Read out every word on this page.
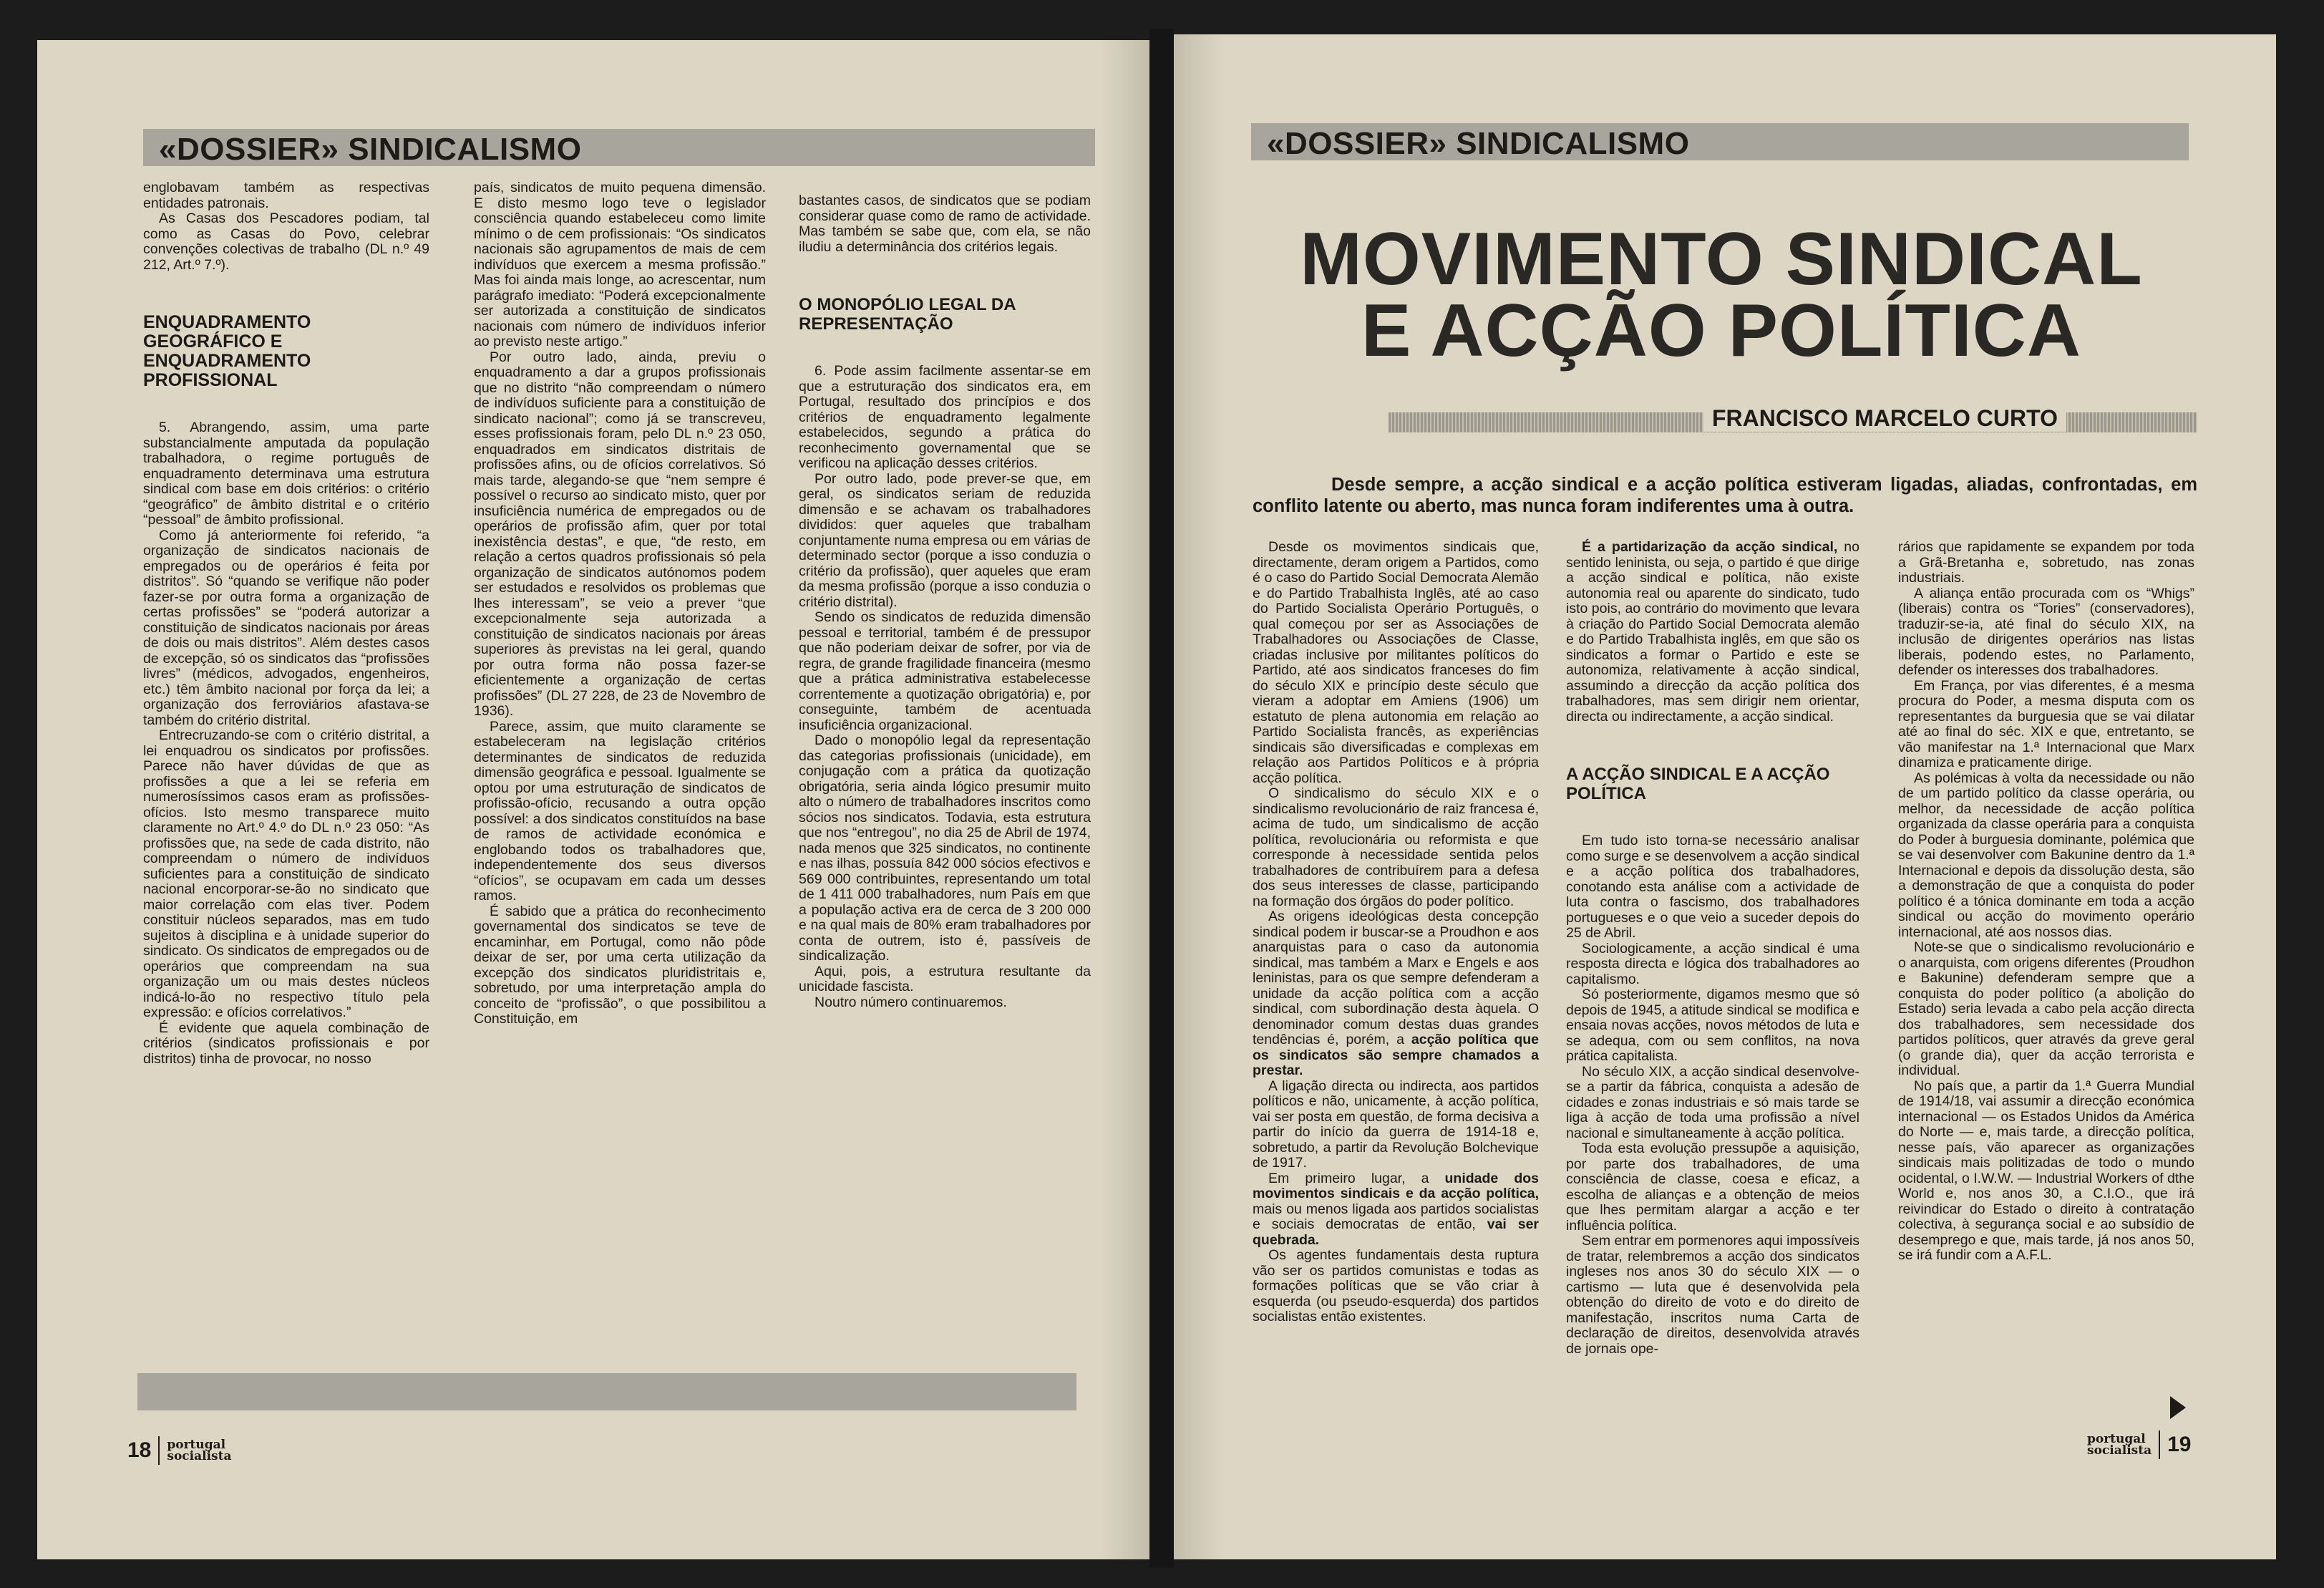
«DOSSIER» SINDICALISMO

englobavam também as respectivas entidades patronais.

As Casas dos Pescadores podiam, tal como as Casas do Povo, celebrar convenções colectivas de trabalho (DL n.º 49 212, Art.º 7.º).

ENQUADRAMENTO GEOGRÁFICO E ENQUADRAMENTO PROFISSIONAL

5. Abrangendo, assim, uma parte substancialmente amputada da população trabalhadora, o regime português de enquadramento determinava uma estrutura sindical com base em dois critérios: o critério “geográfico” de âmbito distrital e o critério “pessoal” de âmbito profissional.

Como já anteriormente foi referido, “a organização de sindicatos nacionais de empregados ou de operários é feita por distritos”. Só “quando se verifique não poder fazer-se por outra forma a organização de certas profissões” se “poderá autorizar a constituição de sindicatos nacionais por áreas de dois ou mais distritos”. Além destes casos de excepção, só os sindicatos das “profissões livres” (médicos, advogados, engenheiros, etc.) têm âmbito nacional por força da lei; a organização dos ferroviários afastava-se também do critério distrital.

Entrecruzando-se com o critério distrital, a lei enquadrou os sindicatos por profissões. Parece não haver dúvidas de que as profissões a que a lei se referia em numerosíssimos casos eram as profissões-ofícios. Isto mesmo transparece muito claramente no Art.º 4.º do DL n.º 23 050: “As profissões que, na sede de cada distrito, não compreendam o número de indivíduos suficientes para a constituição de sindicato nacional encorporar-se-ão no sindicato que maior correlação com elas tiver. Podem constituir núcleos separados, mas em tudo sujeitos à disciplina e à unidade superior do sindicato. Os sindicatos de empregados ou de operários que compreendam na sua organização um ou mais destes núcleos indicá-lo-ão no respectivo título pela expressão: e ofícios correlativos.”

É evidente que aquela combinação de critérios (sindicatos profissionais e por distritos) tinha de provocar, no nosso

país, sindicatos de muito pequena dimensão. E disto mesmo logo teve o legislador consciência quando estabeleceu como limite mínimo o de cem profissionais: “Os sindicatos nacionais são agrupamentos de mais de cem indivíduos que exercem a mesma profissão.” Mas foi ainda mais longe, ao acrescentar, num parágrafo imediato: “Poderá excepcionalmente ser autorizada a constituição de sindicatos nacionais com número de indivíduos inferior ao previsto neste artigo.”

Por outro lado, ainda, previu o enquadramento a dar a grupos profissionais que no distrito “não compreendam o número de indivíduos suficiente para a constituição de sindicato nacional”; como já se transcreveu, esses profissionais foram, pelo DL n.º 23 050, enquadrados em sindicatos distritais de profissões afins, ou de ofícios correlativos. Só mais tarde, alegando-se que “nem sempre é possível o recurso ao sindicato misto, quer por insuficiência numérica de empregados ou de operários de profissão afim, quer por total inexistência destas”, e que, “de resto, em relação a certos quadros profissionais só pela organização de sindicatos autónomos podem ser estudados e resolvidos os problemas que lhes interessam”, se veio a prever “que excepcionalmente seja autorizada a constituição de sindicatos nacionais por áreas superiores às previstas na lei geral, quando por outra forma não possa fazer-se eficientemente a organização de certas profissões” (DL 27 228, de 23 de Novembro de 1936).

Parece, assim, que muito claramente se estabeleceram na legislação critérios determinantes de sindicatos de reduzida dimensão geográfica e pessoal. Igualmente se optou por uma estruturação de sindicatos de profissão-ofício, recusando a outra opção possível: a dos sindicatos constituídos na base de ramos de actividade económica e englobando todos os trabalhadores que, independentemente dos seus diversos “ofícios”, se ocupavam em cada um desses ramos.

É sabido que a prática do reconhecimento governamental dos sindicatos se teve de encaminhar, em Portugal, como não pôde deixar de ser, por uma certa utilização da excepção dos sindicatos pluridistritais e, sobretudo, por uma interpretação ampla do conceito de “profissão”, o que possibilitou a Constituição, em

bastantes casos, de sindicatos que se podiam considerar quase como de ramo de actividade. Mas também se sabe que, com ela, se não iludiu a determinância dos critérios legais.

O MONOPÓLIO LEGAL DA REPRESENTAÇÃO

6. Pode assim facilmente assentar-se em que a estruturação dos sindicatos era, em Portugal, resultado dos princípios e dos critérios de enquadramento legalmente estabelecidos, segundo a prática do reconhecimento governamental que se verificou na aplicação desses critérios.

Por outro lado, pode prever-se que, em geral, os sindicatos seriam de reduzida dimensão e se achavam os trabalhadores divididos: quer aqueles que trabalham conjuntamente numa empresa ou em várias de determinado sector (porque a isso conduzia o critério da profissão), quer aqueles que eram da mesma profissão (porque a isso conduzia o critério distrital).

Sendo os sindicatos de reduzida dimensão pessoal e territorial, também é de pressupor que não poderiam deixar de sofrer, por via de regra, de grande fragilidade financeira (mesmo que a prática administrativa estabelecesse correntemente a quotização obrigatória) e, por conseguinte, também de acentuada insuficiência organizacional.

Dado o monopólio legal da representação das categorias profissionais (unicidade), em conjugação com a prática da quotização obrigatória, seria ainda lógico presumir muito alto o número de trabalhadores inscritos como sócios nos sindicatos. Todavia, esta estrutura que nos “entregou”, no dia 25 de Abril de 1974, nada menos que 325 sindicatos, no continente e nas ilhas, possuía 842 000 sócios efectivos e 569 000 contribuintes, representando um total de 1 411 000 trabalhadores, num País em que a população activa era de cerca de 3 200 000 e na qual mais de 80% eram trabalhadores por conta de outrem, isto é, passíveis de sindicalização.

Aqui, pois, a estrutura resultante da unicidade fascista.

Noutro número continuaremos.

18 portugal
socialista
«DOSSIER» SINDICALISMO
MOVIMENTO SINDICAL
E ACÇÃO POLÍTICA
FRANCISCO MARCELO CURTO
Desde sempre, a acção sindical e a acção política estiveram ligadas, aliadas, confrontadas, em conflito latente ou aberto, mas nunca foram indiferentes uma à outra.

Desde os movimentos sindicais que, directamente, deram origem a Partidos, como é o caso do Partido Social Democrata Alemão e do Partido Trabalhista Inglês, até ao caso do Partido Socialista Operário Português, o qual começou por ser as Associações de Trabalhadores ou Associações de Classe, criadas inclusive por militantes políticos do Partido, até aos sindicatos franceses do fim do século XIX e princípio deste século que vieram a adoptar em Amiens (1906) um estatuto de plena autonomia em relação ao Partido Socialista francês, as experiências sindicais são diversificadas e complexas em relação aos Partidos Políticos e à própria acção política.

O sindicalismo do século XIX e o sindicalismo revolucionário de raiz francesa é, acima de tudo, um sindicalismo de acção política, revolucionária ou reformista e que corresponde à necessidade sentida pelos trabalhadores de contribuírem para a defesa dos seus interesses de classe, participando na formação dos órgãos do poder político.

As origens ideológicas desta concepção sindical podem ir buscar-se a Proudhon e aos anarquistas para o caso da autonomia sindical, mas também a Marx e Engels e aos leninistas, para os que sempre defenderam a unidade da acção política com a acção sindical, com subordinação desta àquela. O denominador comum destas duas grandes tendências é, porém, a acção política que os sindicatos são sempre chamados a prestar.

A ligação directa ou indirecta, aos partidos políticos e não, unicamente, à acção política, vai ser posta em questão, de forma decisiva a partir do início da guerra de 1914-18 e, sobretudo, a partir da Revolução Bolchevique de 1917.

Em primeiro lugar, a unidade dos movimentos sindicais e da acção política, mais ou menos ligada aos partidos socialistas e sociais democratas de então, vai ser quebrada.

Os agentes fundamentais desta ruptura vão ser os partidos comunistas e todas as formações políticas que se vão criar à esquerda (ou pseudo-esquerda) dos partidos socialistas então existentes.

É a partidarização da acção sindical, no sentido leninista, ou seja, o partido é que dirige a acção sindical e política, não existe autonomia real ou aparente do sindicato, tudo isto pois, ao contrário do movimento que levara à criação do Partido Social Democrata alemão e do Partido Trabalhista inglês, em que são os sindicatos a formar o Partido e este se autonomiza, relativamente à acção sindical, assumindo a direcção da acção política dos trabalhadores, mas sem dirigir nem orientar, directa ou indirectamente, a acção sindical.

A ACÇÃO SINDICAL E A ACÇÃO POLÍTICA

Em tudo isto torna-se necessário analisar como surge e se desenvolvem a acção sindical e a acção política dos trabalhadores, conotando esta análise com a actividade de luta contra o fascismo, dos trabalhadores portugueses e o que veio a suceder depois do 25 de Abril.

Sociologicamente, a acção sindical é uma resposta directa e lógica dos trabalhadores ao capitalismo.

Só posteriormente, digamos mesmo que só depois de 1945, a atitude sindical se modifica e ensaia novas acções, novos métodos de luta e se adequa, com ou sem conflitos, na nova prática capitalista.

No século XIX, a acção sindical desenvolve-se a partir da fábrica, conquista a adesão de cidades e zonas industriais e só mais tarde se liga à acção de toda uma profissão a nível nacional e simultaneamente à acção política.

Toda esta evolução pressupõe a aquisição, por parte dos trabalhadores, de uma consciência de classe, coesa e eficaz, a escolha de alianças e a obtenção de meios que lhes permitam alargar a acção e ter influência política.

Sem entrar em pormenores aqui impossíveis de tratar, relembremos a acção dos sindicatos ingleses nos anos 30 do século XIX — o cartismo — luta que é desenvolvida pela obtenção do direito de voto e do direito de manifestação, inscritos numa Carta de declaração de direitos, desenvolvida através de jornais ope-

rários que rapidamente se expandem por toda a Grã-Bretanha e, sobretudo, nas zonas industriais.

A aliança então procurada com os “Whigs” (liberais) contra os “Tories” (conservadores), traduzir-se-ia, até final do século XIX, na inclusão de dirigentes operários nas listas liberais, podendo estes, no Parlamento, defender os interesses dos trabalhadores.

Em França, por vias diferentes, é a mesma procura do Poder, a mesma disputa com os representantes da burguesia que se vai dilatar até ao final do séc. XIX e que, entretanto, se vão manifestar na 1.ª Internacional que Marx dinamiza e praticamente dirige.

As polémicas à volta da necessidade ou não de um partido político da classe operária, ou melhor, da necessidade de acção política organizada da classe operária para a conquista do Poder à burguesia dominante, polémica que se vai desenvolver com Bakunine dentro da 1.ª Internacional e depois da dissolução desta, são a demonstração de que a conquista do poder político é a tónica dominante em toda a acção sindical ou acção do movimento operário internacional, até aos nossos dias.

Note-se que o sindicalismo revolucionário e o anarquista, com origens diferentes (Proudhon e Bakunine) defenderam sempre que a conquista do poder político (a abolição do Estado) seria levada a cabo pela acção directa dos trabalhadores, sem necessidade dos partidos políticos, quer através da greve geral (o grande dia), quer da acção terrorista e individual.

No país que, a partir da 1.ª Guerra Mundial de 1914/18, vai assumir a direcção económica internacional — os Estados Unidos da América do Norte — e, mais tarde, a direcção política, nesse país, vão aparecer as organizações sindicais mais politizadas de todo o mundo ocidental, o I.W.W. — Industrial Workers of dthe World e, nos anos 30, a C.I.O., que irá reivindicar do Estado o direito à contratação colectiva, à segurança social e ao subsídio de desemprego e que, mais tarde, já nos anos 50, se irá fundir com a A.F.L.

portugal
socialista 19
